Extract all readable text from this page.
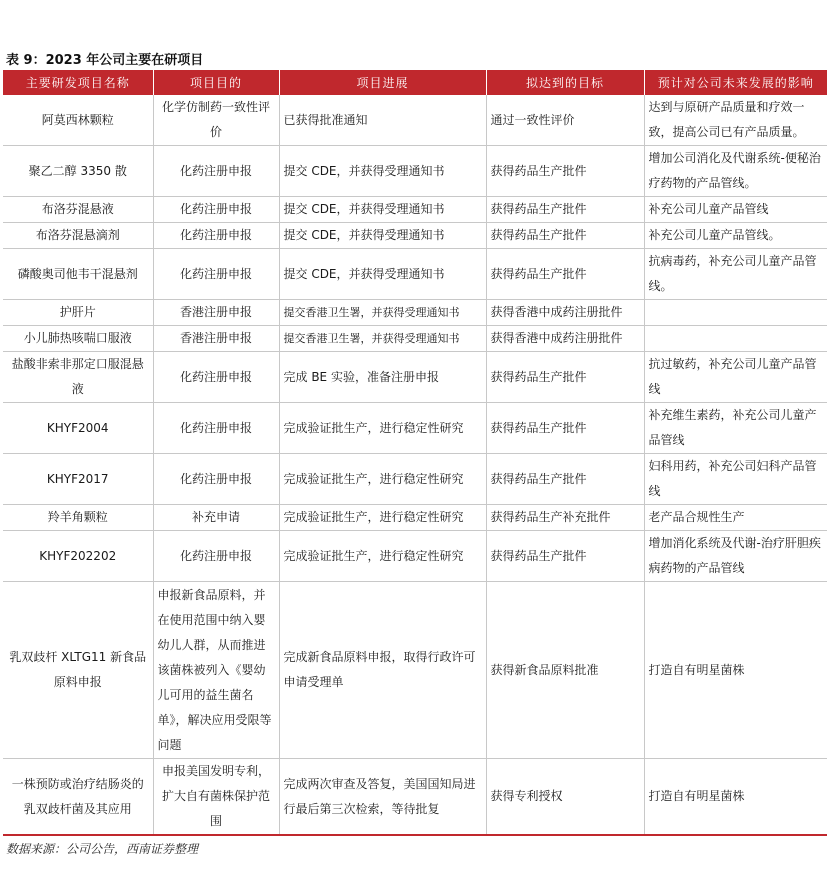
表 9：2023 年公司主要在研项目
主要研发项目名称	项目目的	项目进展	拟达到的目标	预计对公司未来发展的影响
阿莫西林颗粒	化学仿制药一致性评价	已获得批准通知	通过一致性评价	达到与原研产品质量和疗效一致，提高公司已有产品质量。
聚乙二醇 3350 散	化药注册申报	提交 CDE，并获得受理通知书	获得药品生产批件	增加公司消化及代谢系统-便秘治疗药物的产品管线。
布洛芬混悬液	化药注册申报	提交 CDE，并获得受理通知书	获得药品生产批件	补充公司儿童产品管线
布洛芬混悬滴剂	化药注册申报	提交 CDE，并获得受理通知书	获得药品生产批件	补充公司儿童产品管线。
磷酸奥司他韦干混悬剂	化药注册申报	提交 CDE，并获得受理通知书	获得药品生产批件	抗病毒药，补充公司儿童产品管线。
护肝片	香港注册申报	提交香港卫生署，并获得受理通知书	获得香港中成药注册批件	
小儿肺热咳喘口服液	香港注册申报	提交香港卫生署，并获得受理通知书	获得香港中成药注册批件	
盐酸非索非那定口服混悬液	化药注册申报	完成 BE 实验，准备注册申报	获得药品生产批件	抗过敏药，补充公司儿童产品管线
KHYF2004	化药注册申报	完成验证批生产，进行稳定性研究	获得药品生产批件	补充维生素药，补充公司儿童产品管线
KHYF2017	化药注册申报	完成验证批生产，进行稳定性研究	获得药品生产批件	妇科用药，补充公司妇科产品管线
羚羊角颗粒	补充申请	完成验证批生产，进行稳定性研究	获得药品生产补充批件	老产品合规性生产
KHYF202202	化药注册申报	完成验证批生产，进行稳定性研究	获得药品生产批件	增加消化系统及代谢-治疗肝胆疾病药物的产品管线
乳双歧杆 XLTG11 新食品原料申报	申报新食品原料，并在使用范围中纳入婴幼儿人群，从而推进该菌株被列入《婴幼儿可用的益生菌名单》，解决应用受限等问题	完成新食品原料申报，取得行政许可申请受理单	获得新食品原料批准	打造自有明星菌株
一株预防或治疗结肠炎的乳双歧杆菌及其应用	申报美国发明专利，扩大自有菌株保护范围	完成两次审查及答复，美国国知局进行最后第三次检索，等待批复	获得专利授权	打造自有明星菌株
数据来源：公司公告，西南证券整理
